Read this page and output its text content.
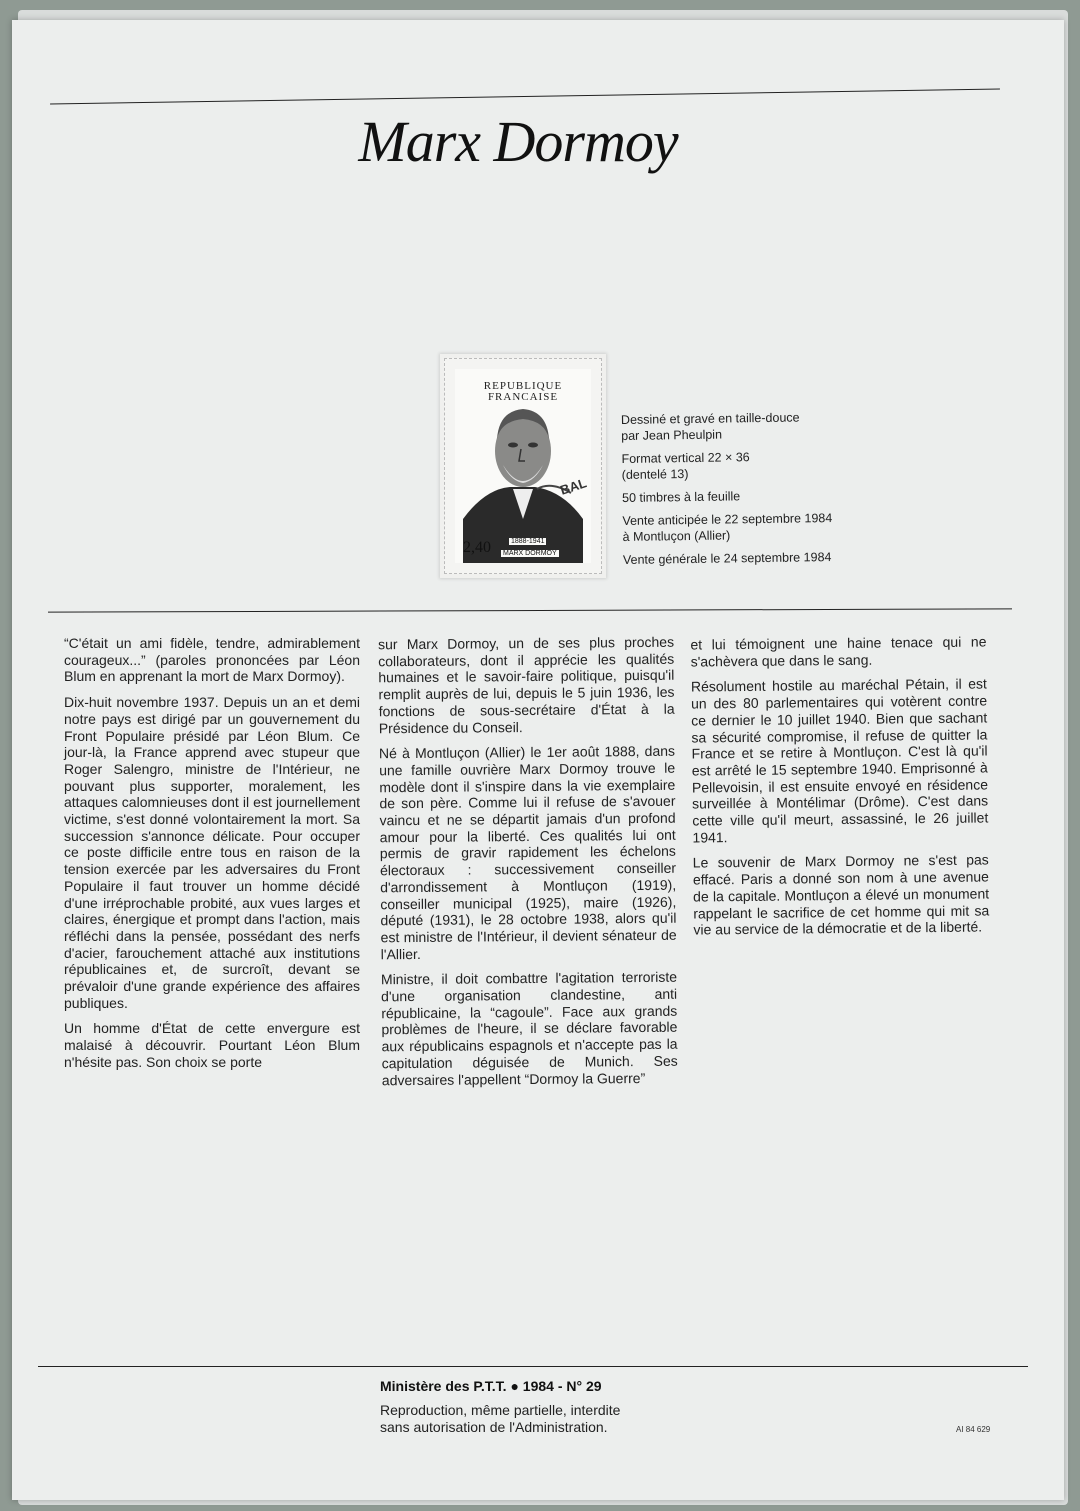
Marx Dormoy
REPUBLIQUE
FRANCAISE
BAL
1888-1941
2,40 MARX DORMOY

Dessiné et gravé en taille-douce
par Jean Pheulpin

Format vertical 22 × 36
(dentelé 13)

50 timbres à la feuille

Vente anticipée le 22 septembre 1984
à Montluçon (Allier)

Vente générale le 24 septembre 1984

“C'était un ami fidèle, tendre, admirablement courageux...” (paroles prononcées par Léon Blum en apprenant la mort de Marx Dormoy).

Dix-huit novembre 1937. Depuis un an et demi notre pays est dirigé par un gouvernement du Front Populaire présidé par Léon Blum. Ce jour-là, la France apprend avec stupeur que Roger Salengro, ministre de l'Intérieur, ne pouvant plus supporter, moralement, les attaques calomnieuses dont il est journellement victime, s'est donné volontairement la mort. Sa succession s'annonce délicate. Pour occuper ce poste difficile entre tous en raison de la tension exercée par les adversaires du Front Populaire il faut trouver un homme décidé d'une irréprochable probité, aux vues larges et claires, énergique et prompt dans l'action, mais réfléchi dans la pensée, possédant des nerfs d'acier, farouchement attaché aux institutions républicaines et, de surcroît, devant se prévaloir d'une grande expérience des affaires publiques.

Un homme d'État de cette envergure est malaisé à découvrir. Pourtant Léon Blum n'hésite pas. Son choix se porte

sur Marx Dormoy, un de ses plus proches collaborateurs, dont il apprécie les qualités humaines et le savoir-faire politique, puisqu'il remplit auprès de lui, depuis le 5 juin 1936, les fonctions de sous-secrétaire d'État à la Présidence du Conseil.

Né à Montluçon (Allier) le 1er août 1888, dans une famille ouvrière Marx Dormoy trouve le modèle dont il s'inspire dans la vie exemplaire de son père. Comme lui il refuse de s'avouer vaincu et ne se départit jamais d'un profond amour pour la liberté. Ces qualités lui ont permis de gravir rapidement les échelons électoraux : successivement conseiller d'arrondissement à Montluçon (1919), conseiller municipal (1925), maire (1926), député (1931), le 28 octobre 1938, alors qu'il est ministre de l'Intérieur, il devient sénateur de l'Allier.

Ministre, il doit combattre l'agitation terroriste d'une organisation clandestine, anti républicaine, la “cagoule”. Face aux grands problèmes de l'heure, il se déclare favorable aux républicains espagnols et n'accepte pas la capitulation déguisée de Munich. Ses adversaires l'appellent “Dormoy la Guerre”

et lui témoignent une haine tenace qui ne s'achèvera que dans le sang.

Résolument hostile au maréchal Pétain, il est un des 80 parlementaires qui votèrent contre ce dernier le 10 juillet 1940. Bien que sachant sa sécurité compromise, il refuse de quitter la France et se retire à Montluçon. C'est là qu'il est arrêté le 15 septembre 1940. Emprisonné à Pellevoisin, il est ensuite envoyé en résidence surveillée à Montélimar (Drôme). C'est dans cette ville qu'il meurt, assassiné, le 26 juillet 1941.

Le souvenir de Marx Dormoy ne s'est pas effacé. Paris a donné son nom à une avenue de la capitale. Montluçon a élevé un monument rappelant le sacrifice de cet homme qui mit sa vie au service de la démocratie et de la liberté.

Ministère des P.T.T. ● 1984 - N° 29
Reproduction, même partielle, interdite
sans autorisation de l'Administration.	AI 84 629
